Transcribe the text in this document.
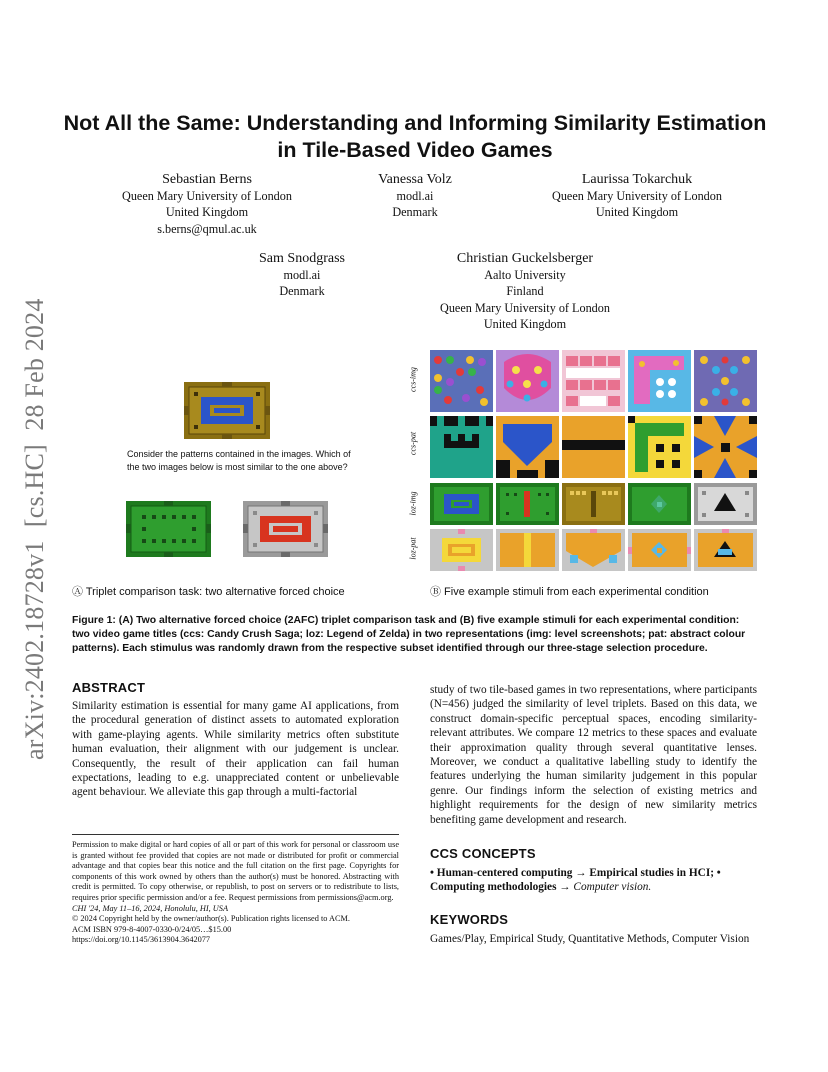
arXiv:2402.18728v1  [cs.HC]  28 Feb 2024
Not All the Same: Understanding and Informing Similarity Estimation in Tile-Based Video Games
Sebastian Berns
Queen Mary University of London
United Kingdom
s.berns@qmul.ac.uk
Vanessa Volz
modl.ai
Denmark
Laurissa Tokarchuk
Queen Mary University of London
United Kingdom
Sam Snodgrass
modl.ai
Denmark
Christian Guckelsberger
Aalto University
Finland
Queen Mary University of London
United Kingdom
Consider the patterns contained in the images. Which of the two images below is most similar to the one above?
Ⓐ Triplet comparison task: two alternative forced choice
ccs-img
ccs-pat
loz-img
loz-pat
Ⓑ Five example stimuli from each experimental condition
Figure 1: (A) Two alternative forced choice (2AFC) triplet comparison task and (B) five example stimuli for each experimental condition: two video game titles (ccs: Candy Crush Saga; loz: Legend of Zelda) in two representations (img: level screenshots; pat: abstract colour patterns). Each stimulus was randomly drawn from the respective subset identified through our three-stage selection procedure.
ABSTRACT
Similarity estimation is essential for many game AI applications, from the procedural generation of distinct assets to automated exploration with game-playing agents. While similarity metrics often substitute human evaluation, their alignment with our judgement is unclear. Consequently, the result of their application can fail human expectations, leading to e.g. unappreciated content or unbelievable agent behaviour. We alleviate this gap through a multi-factorial
study of two tile-based games in two representations, where participants (N=456) judged the similarity of level triplets. Based on this data, we construct domain-specific perceptual spaces, encoding similarity-relevant attributes. We compare 12 metrics to these spaces and evaluate their approximation quality through several quantitative lenses. Moreover, we conduct a qualitative labelling study to identify the features underlying the human similarity judgement in this popular genre. Our findings inform the selection of existing metrics and highlight requirements for the design of new similarity metrics benefiting game development and research.
Permission to make digital or hard copies of all or part of this work for personal or classroom use is granted without fee provided that copies are not made or distributed for profit or commercial advantage and that copies bear this notice and the full citation on the first page. Copyrights for components of this work owned by others than the author(s) must be honored. Abstracting with credit is permitted. To copy otherwise, or republish, to post on servers or to redistribute to lists, requires prior specific permission and/or a fee. Request permissions from permissions@acm.org.
CHI '24, May 11–16, 2024, Honolulu, HI, USA
© 2024 Copyright held by the owner/author(s). Publication rights licensed to ACM.
ACM ISBN 979-8-4007-0330-0/24/05…$15.00
https://doi.org/10.1145/3613904.3642077
CCS CONCEPTS
• Human-centered computing → Empirical studies in HCI; •
Computing methodologies → Computer vision.
KEYWORDS
Games/Play, Empirical Study, Quantitative Methods, Computer Vision
